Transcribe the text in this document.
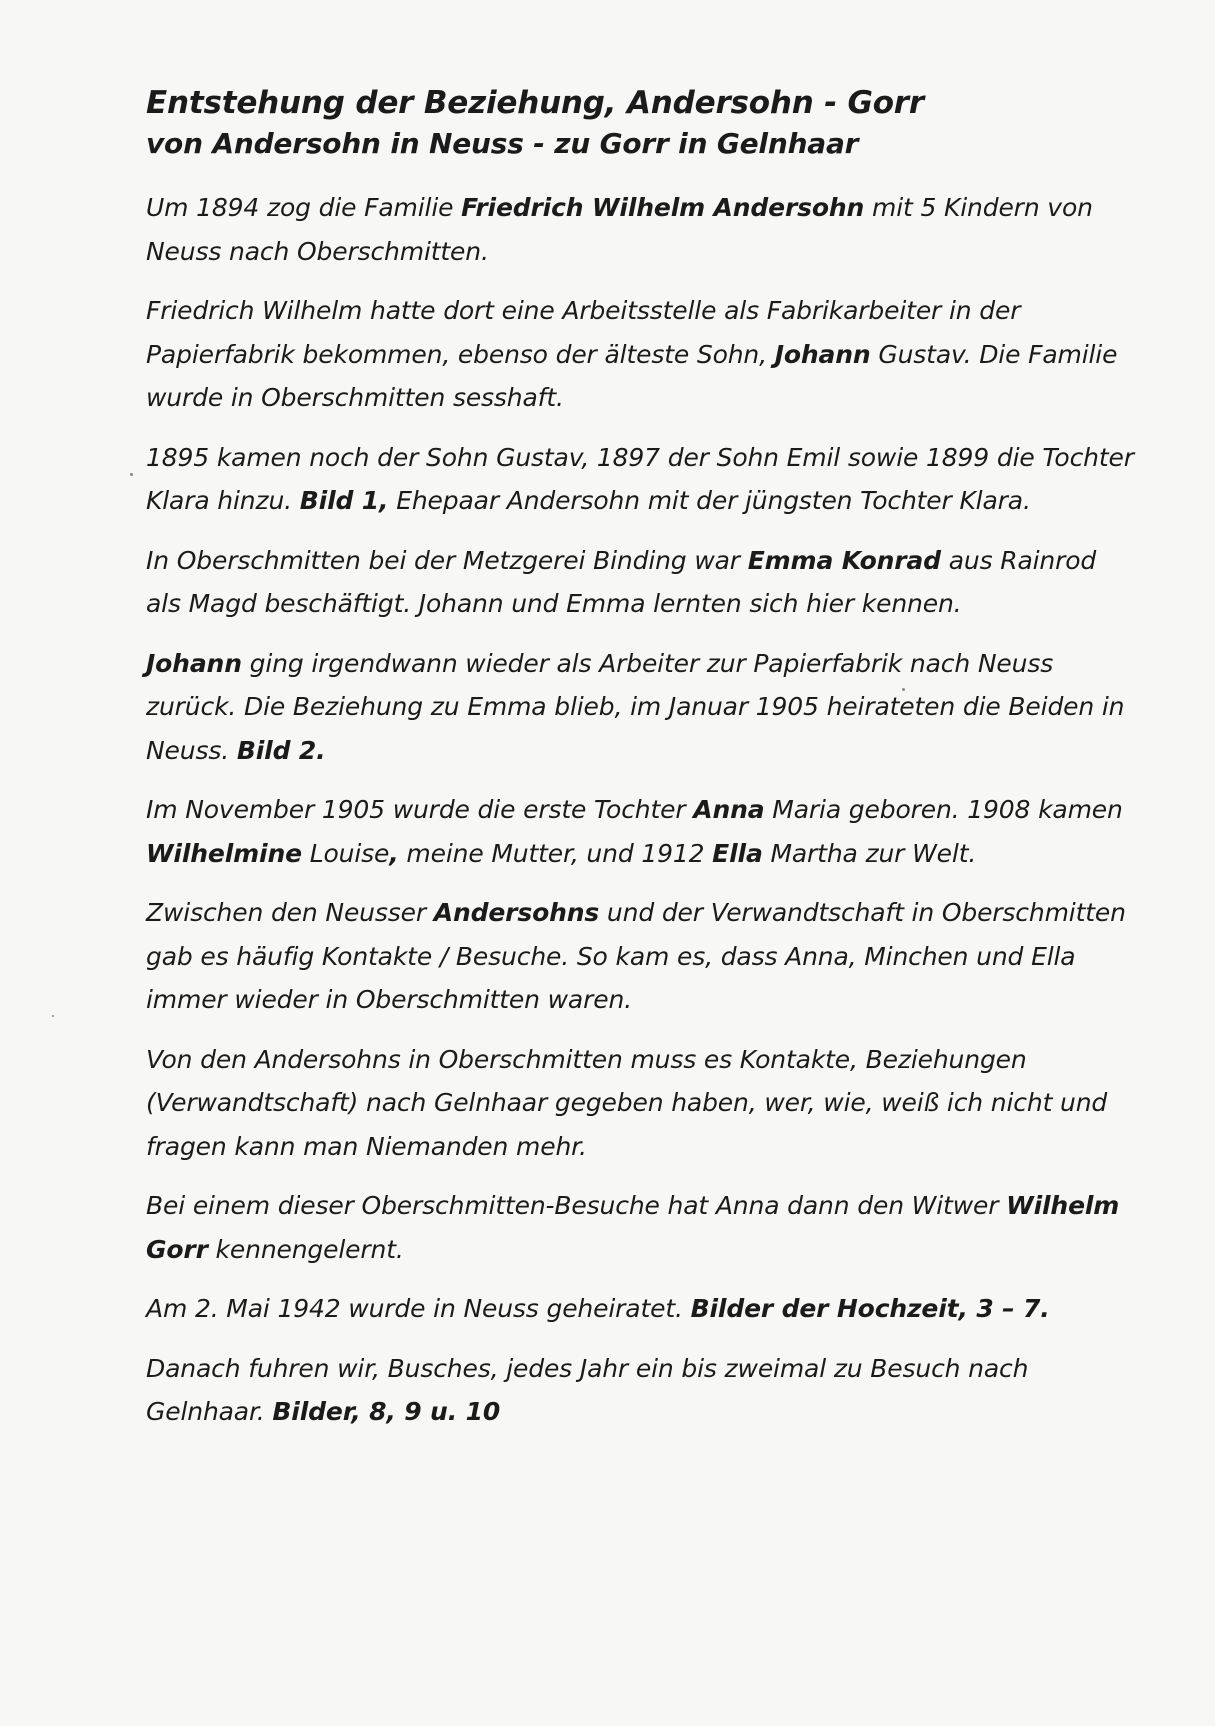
Entstehung der Beziehung, Andersohn - Gorr
von Andersohn in Neuss - zu Gorr in Gelnhaar

Um 1894 zog die Familie Friedrich Wilhelm Andersohn mit 5 Kindern von Neuss nach Oberschmitten.

Friedrich Wilhelm hatte dort eine Arbeitsstelle als Fabrikarbeiter in der Papierfabrik bekommen, ebenso der älteste Sohn, Johann Gustav. Die Familie wurde in Oberschmitten sesshaft.

1895 kamen noch der Sohn Gustav, 1897 der Sohn Emil sowie 1899 die Tochter Klara hinzu. Bild 1, Ehepaar Andersohn mit der jüngsten Tochter Klara.

In Oberschmitten bei der Metzgerei Binding war Emma Konrad aus Rainrod als Magd beschäftigt. Johann und Emma lernten sich hier kennen.

Johann ging irgendwann wieder als Arbeiter zur Papierfabrik nach Neuss zurück. Die Beziehung zu Emma blieb, im Januar 1905 heirateten die Beiden in Neuss. Bild 2.

Im November 1905 wurde die erste Tochter Anna Maria geboren. 1908 kamen Wilhelmine Louise, meine Mutter, und 1912 Ella Martha zur Welt.

Zwischen den Neusser Andersohns und der Verwandtschaft in Oberschmitten gab es häufig Kontakte / Besuche. So kam es, dass Anna, Minchen und Ella immer wieder in Oberschmitten waren.

Von den Andersohns in Oberschmitten muss es Kontakte, Beziehungen (Verwandtschaft) nach Gelnhaar gegeben haben, wer, wie, weiß ich nicht und fragen kann man Niemanden mehr.

Bei einem dieser Oberschmitten-Besuche hat Anna dann den Witwer Wilhelm Gorr kennengelernt.

Am 2. Mai 1942 wurde in Neuss geheiratet. Bilder der Hochzeit, 3 – 7.

Danach fuhren wir, Busches, jedes Jahr ein bis zweimal zu Besuch nach Gelnhaar. Bilder, 8, 9 u. 10
